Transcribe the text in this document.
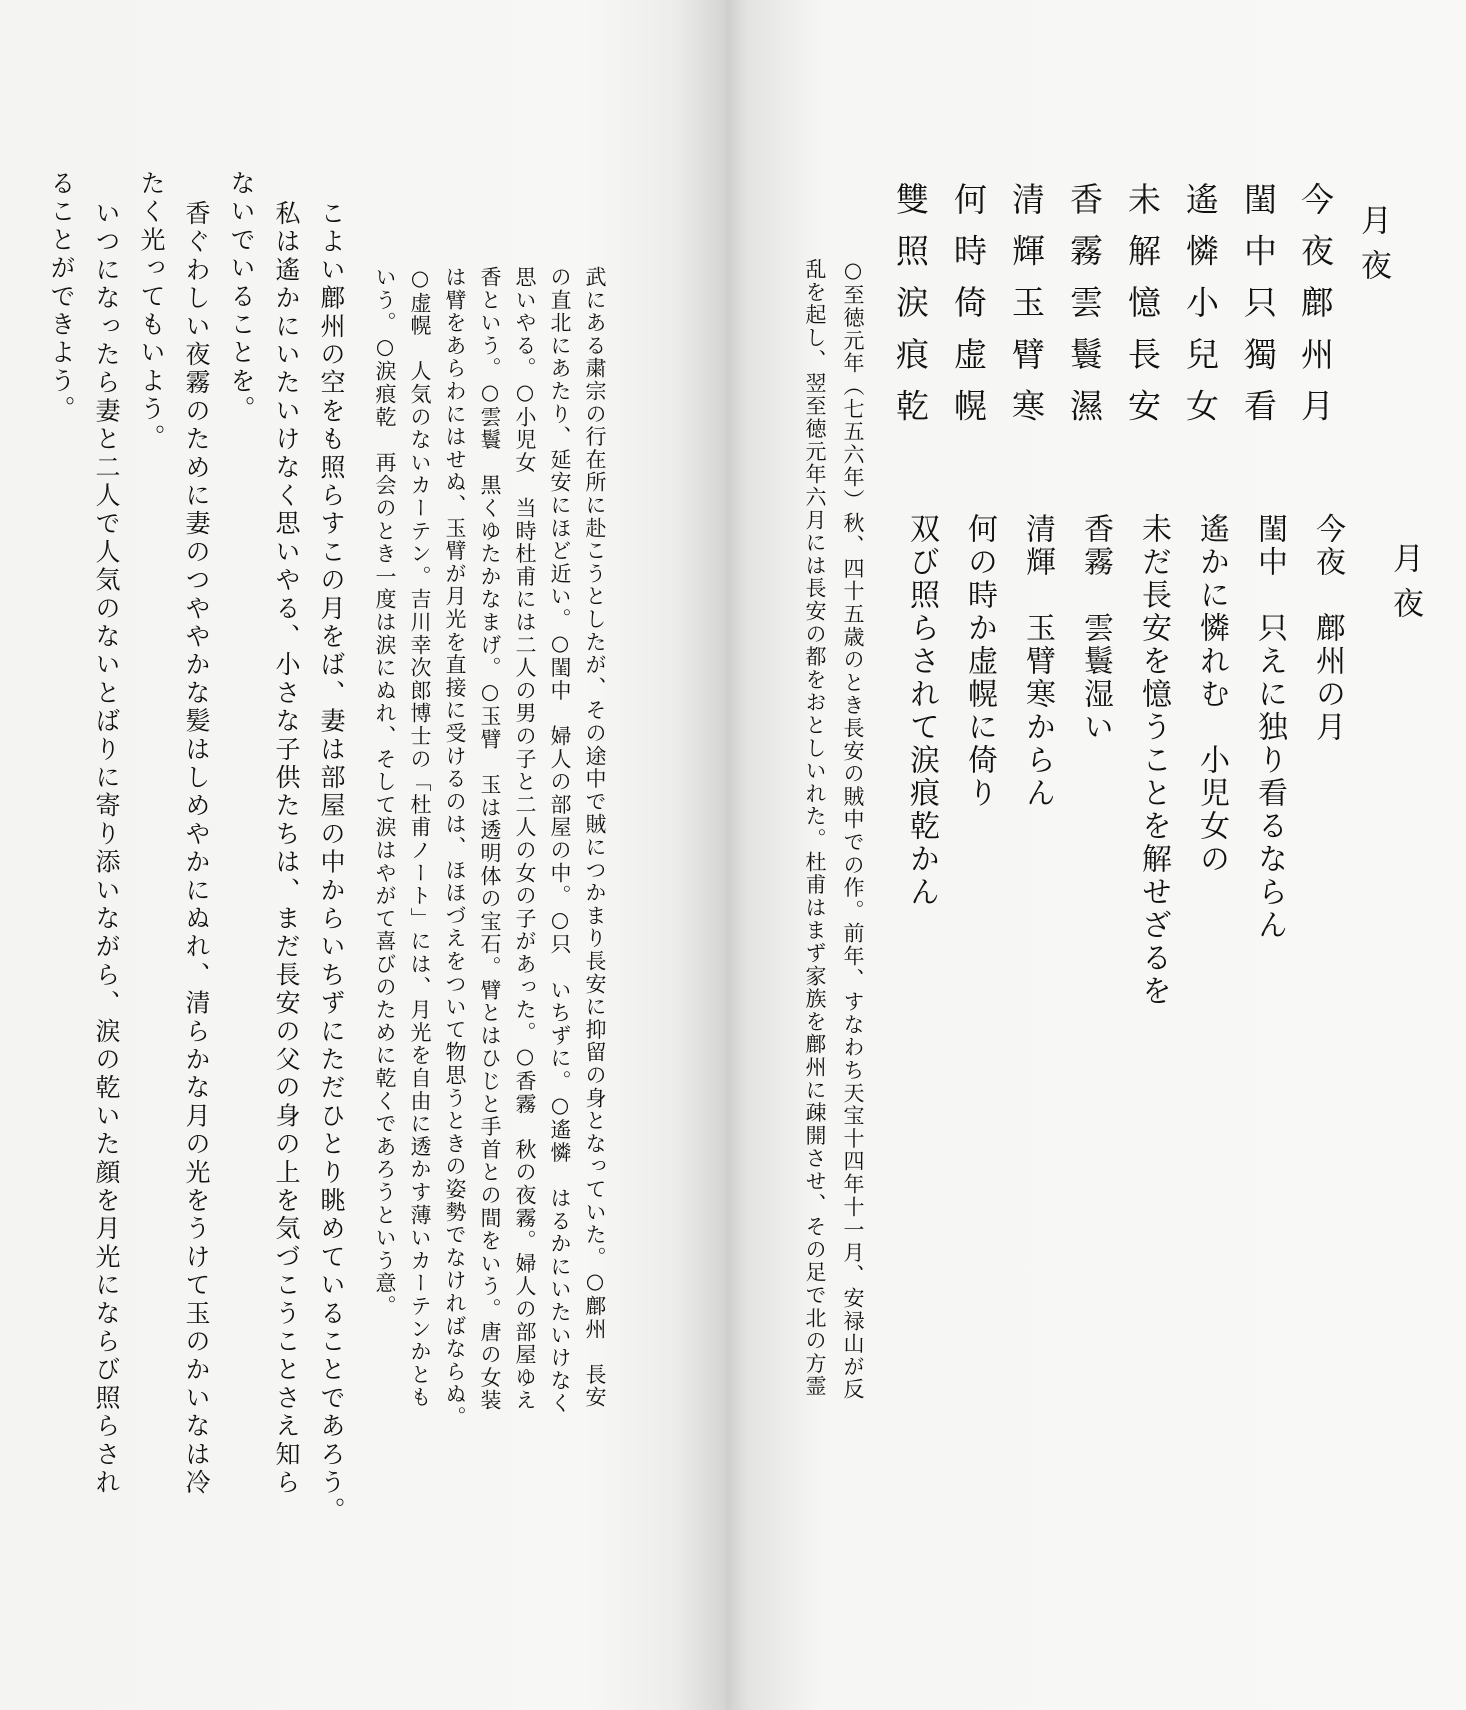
月夜
今夜鄜州月
閨中只獨看
遙憐小兒女
未解憶長安
香霧雲鬟濕
清輝玉臂寒
何時倚虚幌
雙照涙痕乾
月夜
今夜　鄜州の月
閨中　只えに独り看るならん
遙かに憐れむ　小児女の
未だ長安を憶うことを解せざるを
香霧　雲鬟湿い
清輝　玉臂寒からん
何の時か虚幌に倚り
双び照らされて涙痕乾かん
○至徳元年（七五六年）秋、四十五歳のとき長安の賊中での作。前年、すなわち天宝十四年十一月、安禄山が反
乱を起し、翌至徳元年六月には長安の都をおとしいれた。杜甫はまず家族を鄜州に疎開させ、その足で北の方霊
武にある粛宗の行在所に赴こうとしたが、その途中で賊につかまり長安に抑留の身となっていた。○鄜州　長安
の直北にあたり、延安にほど近い。○閨中　婦人の部屋の中。○只　いちずに。○遙憐　はるかにいたいけなく
思いやる。○小児女　当時杜甫には二人の男の子と二人の女の子があった。○香霧　秋の夜霧。婦人の部屋ゆえ
香という。○雲鬟　黒くゆたかなまげ。○玉臂　玉は透明体の宝石。臂とはひじと手首との間をいう。唐の女装
は臂をあらわにはせぬ、玉臂が月光を直接に受けるのは、ほほづえをついて物思うときの姿勢でなければならぬ。
○虚幌　人気のないカーテン。吉川幸次郎博士の「杜甫ノート」には、月光を自由に透かす薄いカーテンかとも
いう。○涙痕乾　再会のとき一度は涙にぬれ、そして涙はやがて喜びのために乾くであろうという意。
こよい鄜州の空をも照らすこの月をば、妻は部屋の中からいちずにただひとり眺めていることであろう。
私は遙かにいたいけなく思いやる、小さな子供たちは、まだ長安の父の身の上を気づこうことさえ知ら
ないでいることを。
香ぐわしい夜霧のために妻のつややかな髪はしめやかにぬれ、清らかな月の光をうけて玉のかいなは冷
たく光ってもいよう。
いつになったら妻と二人で人気のないとばりに寄り添いながら、涙の乾いた顔を月光にならび照らされ
ることができよう。
